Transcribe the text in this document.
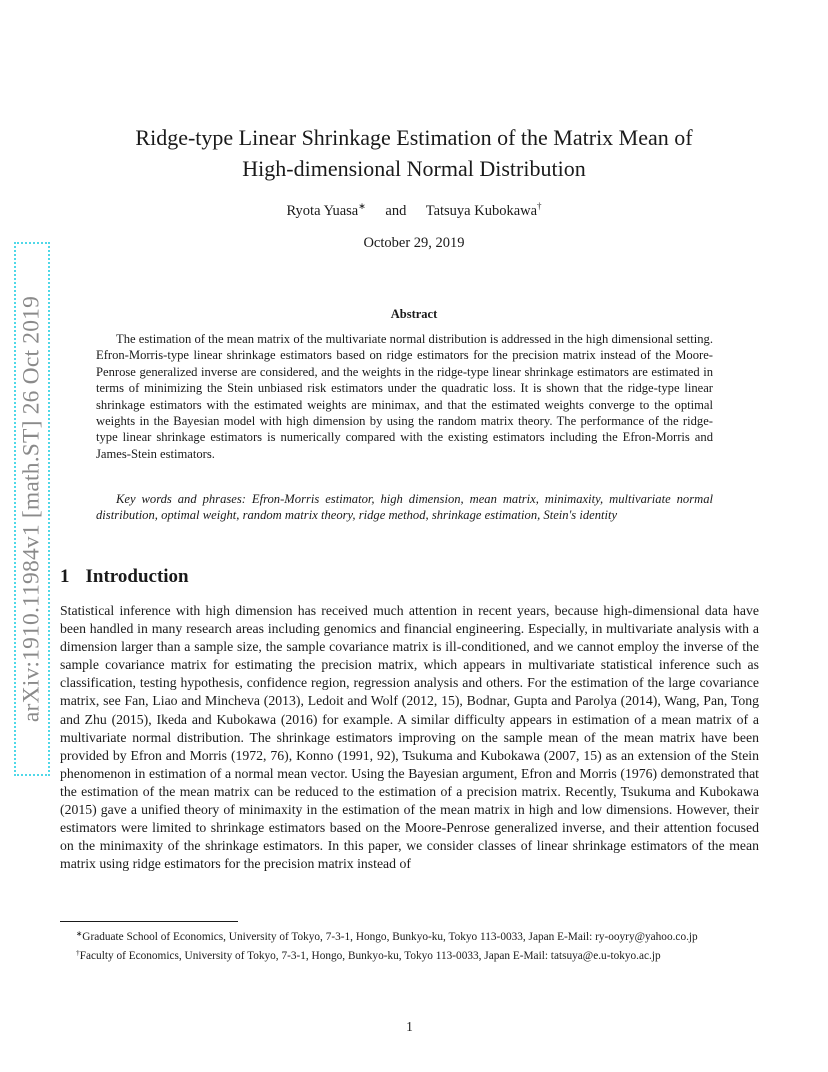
arXiv:1910.11984v1 [math.ST] 26 Oct 2019
Ridge-type Linear Shrinkage Estimation of the Matrix Mean of
High-dimensional Normal Distribution
Ryota Yuasa∗ and Tatsuya Kubokawa†
October 29, 2019
Abstract

The estimation of the mean matrix of the multivariate normal distribution is addressed in the high dimensional setting. Efron-Morris-type linear shrinkage estimators based on ridge estimators for the precision matrix instead of the Moore-Penrose generalized inverse are considered, and the weights in the ridge-type linear shrinkage estimators are estimated in terms of minimizing the Stein unbiased risk estimators under the quadratic loss. It is shown that the ridge-type linear shrinkage estimators with the estimated weights are minimax, and that the estimated weights converge to the optimal weights in the Bayesian model with high dimension by using the random matrix theory. The performance of the ridge-type linear shrinkage estimators is numerically compared with the existing estimators including the Efron-Morris and James-Stein estimators.

Key words and phrases: Efron-Morris estimator, high dimension, mean matrix, minimaxity, multivariate normal distribution, optimal weight, random matrix theory, ridge method, shrinkage estimation, Stein's identity

1 Introduction

Statistical inference with high dimension has received much attention in recent years, because high-dimensional data have been handled in many research areas including genomics and financial engineering. Especially, in multivariate analysis with a dimension larger than a sample size, the sample covariance matrix is ill-conditioned, and we cannot employ the inverse of the sample covariance matrix for estimating the precision matrix, which appears in multivariate statistical inference such as classification, testing hypothesis, confidence region, regression analysis and others. For the estimation of the large covariance matrix, see Fan, Liao and Mincheva (2013), Ledoit and Wolf (2012, 15), Bodnar, Gupta and Parolya (2014), Wang, Pan, Tong and Zhu (2015), Ikeda and Kubokawa (2016) for example. A similar difficulty appears in estimation of a mean matrix of a multivariate normal distribution. The shrinkage estimators improving on the sample mean of the mean matrix have been provided by Efron and Morris (1972, 76), Konno (1991, 92), Tsukuma and Kubokawa (2007, 15) as an extension of the Stein phenomenon in estimation of a normal mean vector. Using the Bayesian argument, Efron and Morris (1976) demonstrated that the estimation of the mean matrix can be reduced to the estimation of a precision matrix. Recently, Tsukuma and Kubokawa (2015) gave a unified theory of minimaxity in the estimation of the mean matrix in high and low dimensions. However, their estimators were limited to shrinkage estimators based on the Moore-Penrose generalized inverse, and their attention focused on the minimaxity of the shrinkage estimators. In this paper, we consider classes of linear shrinkage estimators of the mean matrix using ridge estimators for the precision matrix instead of

∗Graduate School of Economics, University of Tokyo, 7-3-1, Hongo, Bunkyo-ku, Tokyo 113-0033, Japan E-Mail: ry-ooyry@yahoo.co.jp

†Faculty of Economics, University of Tokyo, 7-3-1, Hongo, Bunkyo-ku, Tokyo 113-0033, Japan E-Mail: tatsuya@e.u-tokyo.ac.jp

1
